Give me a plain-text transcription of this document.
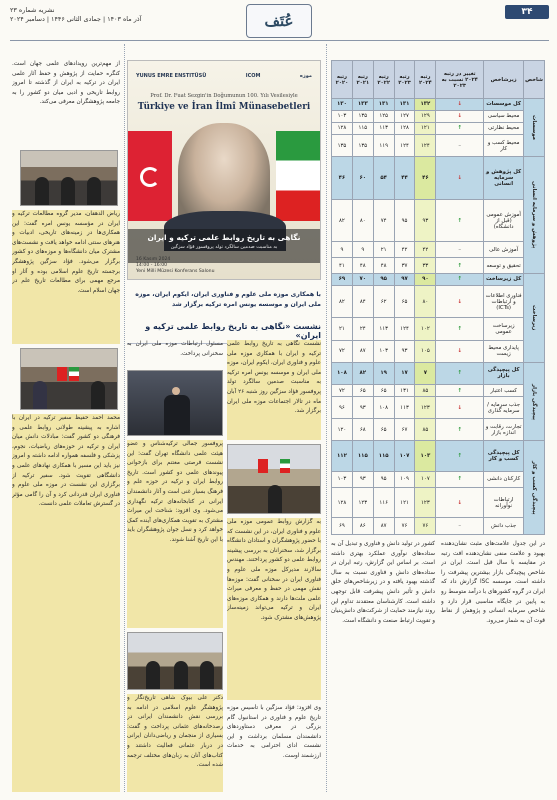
نشریه شماره ۲۳
آذر ماه ۱۴۰۳ | جمادی الثانی ۱۴۴۶ | دسامبر ۲۰۲۴	عُتَف	۳۴
شاخص	زیرشاخص	تغییر در رتبه ۲۰۲۴ نسبت به ۲۰۲۳	رتبه ۲۰۲۴	رتبه ۲۰۲۳	رتبه ۲۰۲۲	رتبه ۲۰۲۱	رتبه ۲۰۲۰
موسسات	کل موسسات	↓	۱۳۲	۱۳۱	۱۳۱	۱۳۳	۱۳۰
	محیط سیاسی	↓	۱۲۹	۱۲۷	۱۲۵	۱۳۵	۱۰۳
	محیط نظارتی	↑	۱۲۱	۱۲۸	۱۱۳	۱۱۵	۱۲۸
	محیط کسب و کار	–	۱۲۴	۱۲۴	۱۱۹	۱۳۵	۱۳۵
پژوهش و سرمایه انسانی	کل پژوهش و سرمایه انسانی	↓	۴۶	۴۴	۵۴	۶۰	۴۶
	آموزش عمومی (قبل از دانشگاه)	↑	۹۳	۹۵	۷۴	۸۰	۸۲
	آموزش عالی	–	۴۲	۴۲	۲۱	۹	۹
	تحقیق و توسعه	↑	۳۳	۳۷	۴۸	۴۸	۴۱
زیرساخت	کل زیرساخت	↑	۹۰	۹۷	۹۵	۷۰	۶۹
	فناوری اطلاعات و ارتباطات (ICTs)	↓	۸۰	۶۵	۶۲	۸۴	۸۲
	زیرساخت عمومی	↑	۱۰۲	۱۲۴	۱۱۳	۲۴	۲۱
	پایداری محیط زیست	↓	۱۰۵	۹۳	۱۰۳	۸۷	۷۲
پیچیدگی بازار	کل پیچیدگی بازار	↑	۷	۱۷	۱۹	۸۲	۱۰۸
	کسب اعتبار	↑	۸۵	۱۳۱	۶۵	۶۵	۷۲
	جذب سرمایه / سرمایه گذاری	↓	۱۲۳	۱۱۳	۱۰۸	۹۳	۹۶
	تجارت، رقابت و اندازه بازار	↑	۸۵	۶۷	۶۵	۶۸	۱۲۰
پیچیدگی کسب و کار	کل پیچیدگی کسب و کار	↑	۱۰۳	۱۰۷	۱۱۵	۱۱۵	۱۱۲
	کارکنان دانشی	↑	۱۰۷	۱۰۹	۹۵	۹۳	۱۰۳
	ارتباطات نوآورانه	↓	۱۲۳	۱۲۱	۱۱۶	۱۲۳	۱۲۸
	جذب دانش	–	۷۶	۷۶	۸۷	۸۶	۶۹
YUNUS EMRE ENSTITÜSÜ	ICOM	موزه
Prof. Dr. Fuat Sezgin'in Doğumunun 100. Yılı Vesilesiyle
Türkiye ve İran İlmî Münasebetleri
نگاهی به تاریخ روابط علمی ترکیه و ایران
به مناسبت صدمین سالگرد تولد پروفسور فؤاد سزگین
16 Kasım 2024
14:00 - 16:00
Yeni Milli Müzesi Konferans Salonu
با همکاری موزه ملی علوم و فناوری ایران، ایکوم ایران، موزه ملی ایران و موسسه یونس امره ترکیه برگزار شد
نشست «نگاهی به تاریخ روابط علمی ترکیه و ایران»
از مهم‌ترین رویدادهای علمی جهان است. کنگره حمایت از پژوهش و حفظ آثار علمی ایران در ترکیه به ایران از گذشته تا امروز روابط تاریخی و ادبی میان دو کشور را به جامعه پژوهشگران معرفی می‌کند.
ریاض الدهقان، مدیر گروه مطالعات ترکیه و ایران در مؤسسه یونس امره گفت: این همکاری‌ها در زمینه‌های تاریخی، ادبیات و هنرهای سنتی ادامه خواهد یافت و نشست‌های مشترک میان دانشگاه‌ها و موزه‌های دو کشور برگزار می‌شود. فؤاد سزگین پژوهشگر برجسته تاریخ علوم اسلامی بوده و آثار او مرجع مهمی برای مطالعات تاریخ علم در جهان اسلام است.
محمد احمد حفیظ سفیر ترکیه در ایران با اشاره به پیشینه طولانی روابط علمی و فرهنگی دو کشور گفت: مبادلات دانش میان ایران و ترکیه در حوزه‌های ریاضیات، نجوم، پزشکی و فلسفه همواره ادامه داشته و امروز نیز باید این مسیر با همکاری نهادهای علمی و دانشگاهی تقویت شود. سفیر ترکیه از برگزاری این نشست در موزه ملی علوم و فناوری ایران قدردانی کرد و آن را گامی مؤثر در گسترش تعاملات علمی دانست.
مسئول ارتباطات موزه ملی ایران به سخنرانی پرداخت.
پروفسور جمالی ترکیه‌شناس و عضو هیئت علمی دانشگاه تهران گفت: این نشست فرصتی مغتنم برای بازخوانی پیوندهای علمی دو کشور است. تاریخ روابط ایران و ترکیه در حوزه علم و فرهنگ بسیار غنی است و آثار دانشمندان ایرانی در کتابخانه‌های ترکیه نگهداری می‌شود. وی افزود: شناخت این میراث مشترک به تقویت همکاری‌های آینده کمک خواهد کرد و نسل جوان پژوهشگران باید با این تاریخ آشنا شوند.
دکتر علی بیوک شاهی تاریخ‌نگار و پژوهشگر علوم اسلامی در ادامه به بررسی نقش دانشمندان ایرانی در رصدخانه‌های عثمانی پرداخت و گفت: بسیاری از منجمان و ریاضی‌دانان ایرانی در دربار عثمانی فعالیت داشتند و کتاب‌های آنان به زبان‌های مختلف ترجمه شده است.
نشست نگاهی به تاریخ روابط علمی ترکیه و ایران با همکاری موزه ملی علوم و فناوری ایران، ایکوم ایران، موزه ملی ایران و موسسه یونس امره ترکیه به مناسبت صدمین سالگرد تولد پروفسور فؤاد سزگین روز شنبه ۲۶ آبان ماه در تالار اجتماعات موزه ملی ایران برگزار شد.
به گزارش روابط عمومی موزه ملی علوم و فناوری ایران، در این نشست که با حضور پژوهشگران و استادان دانشگاه برگزار شد، سخنرانان به بررسی پیشینه روابط علمی دو کشور پرداختند. مهندس سالارند مدیرکل موزه ملی علوم و فناوری ایران در سخنانی گفت: موزه‌ها نقش مهمی در حفظ و معرفی میراث علمی ملت‌ها دارند و همکاری موزه‌های ایران و ترکیه می‌تواند زمینه‌ساز پژوهش‌های مشترک شود.
وی افزود: فؤاد سزگین با تأسیس موزه تاریخ علوم و فناوری در استانبول گام بزرگی در معرفی دستاوردهای دانشمندان مسلمان برداشت و این نشست ادای احترامی به خدمات ارزشمند اوست.
کشور در تولید دانش و فناوری و تبدیل آن به ستاده‌های نوآوری عملکرد بهتری داشته است. بر اساس این گزارش، رتبه ایران در ستاده‌های دانش و فناوری نسبت به سال گذشته بهبود یافته و در زیرشاخص‌های خلق دانش و تأثیر دانش پیشرفت قابل توجهی داشته است. کارشناسان معتقدند تداوم این روند نیازمند حمایت از شرکت‌های دانش‌بنیان و تقویت ارتباط صنعت و دانشگاه است.
در این جدول علامت‌های مثبت نشان‌دهنده بهبود و علامت منفی نشان‌دهنده افت رتبه در مقایسه با سال قبل است. ایران در شاخص پیچیدگی بازار بیشترین پیشرفت را داشته است. موسسه ISC گزارش داد که ایران در گروه کشورهای با درآمد متوسط رو به پایین در جایگاه مناسبی قرار دارد و شاخص سرمایه انسانی و پژوهش از نقاط قوت آن به شمار می‌رود.
